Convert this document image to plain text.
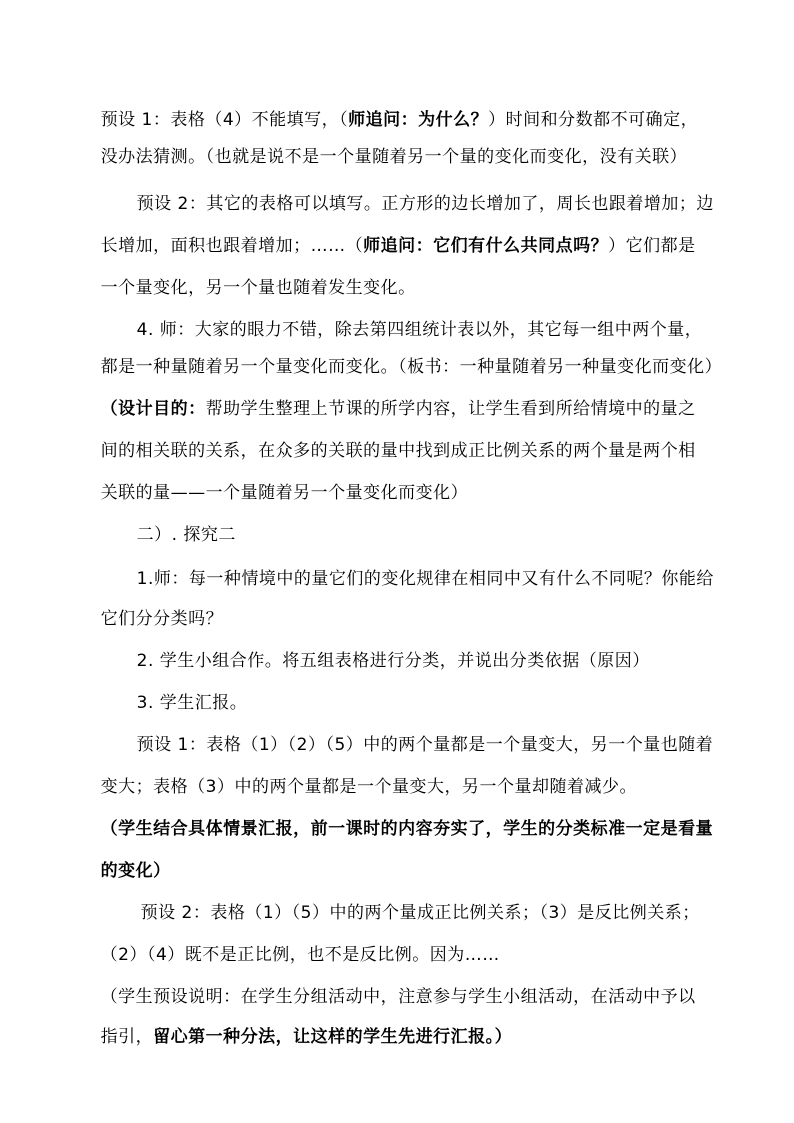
预设 1：表格（4）不能填写，（师追问：为什么？）时间和分数都不可确定，

没办法猜测。（也就是说不是一个量随着另一个量的变化而变化，没有关联）

预设 2：其它的表格可以填写。正方形的边长增加了，周长也跟着增加；边

长增加，面积也跟着增加；……（师追问：它们有什么共同点吗？）它们都是

一个量变化，另一个量也随着发生变化。

4. 师：大家的眼力不错，除去第四组统计表以外，其它每一组中两个量，

都是一种量随着另一个量变化而变化。（板书：一种量随着另一种量变化而变化）

（设计目的：帮助学生整理上节课的所学内容，让学生看到所给情境中的量之

间的相关联的关系，在众多的关联的量中找到成正比例关系的两个量是两个相

关联的量——一个量随着另一个量变化而变化）

二）. 探究二

1.师：每一种情境中的量它们的变化规律在相同中又有什么不同呢？你能给

它们分分类吗？

2. 学生小组合作。将五组表格进行分类，并说出分类依据（原因）

3. 学生汇报。

预设 1：表格（1）（2）（5）中的两个量都是一个量变大，另一个量也随着

变大；表格（3）中的两个量都是一个量变大，另一个量却随着减少。

（学生结合具体情景汇报，前一课时的内容夯实了，学生的分类标准一定是看量

的变化）

预设 2：表格（1）（5）中的两个量成正比例关系；（3）是反比例关系；

（2）（4）既不是正比例，也不是反比例。因为……

（学生预设说明：在学生分组活动中，注意参与学生小组活动，在活动中予以

指引，留心第一种分法，让这样的学生先进行汇报。）
